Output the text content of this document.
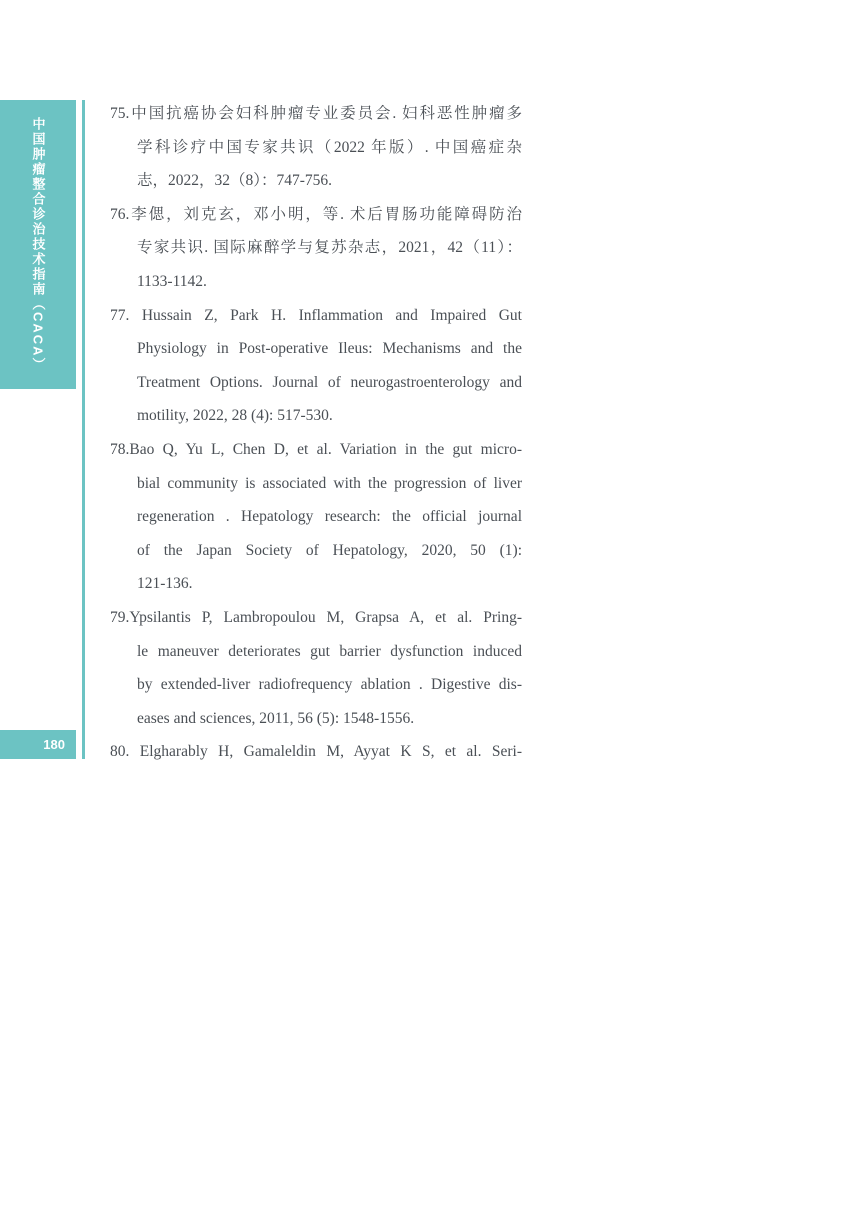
中国肿瘤整合诊治技术指南（CACA）
180
75.中国抗癌协会妇科肿瘤专业委员会. 妇科恶性肿瘤多
学科诊疗中国专家共识（2022 年版）. 中国癌症杂
志，2022，32（8）：747-756.
76.李偲，刘克玄，邓小明，等. 术后胃肠功能障碍防治
专家共识. 国际麻醉学与复苏杂志，2021，42（11）：
1133-1142.
77. Hussain Z, Park H. Inflammation and Impaired Gut
Physiology in Post-operative Ileus: Mechanisms and the
Treatment Options. Journal of neurogastroenterology and
motility, 2022, 28 (4): 517-530.
78.Bao Q, Yu L, Chen D, et al. Variation in the gut micro-
bial community is associated with the progression of liver
regeneration . Hepatology research: the official journal
of the Japan Society of Hepatology, 2020, 50 (1):
121-136.
79.Ypsilantis P, Lambropoulou M, Grapsa A, et al. Pring-
le maneuver deteriorates gut barrier dysfunction induced
by extended-liver radiofrequency ablation . Digestive dis-
eases and sciences, 2011, 56 (5): 1548-1556.
80. Elgharably H, Gamaleldin M, Ayyat K S, et al. Seri-
